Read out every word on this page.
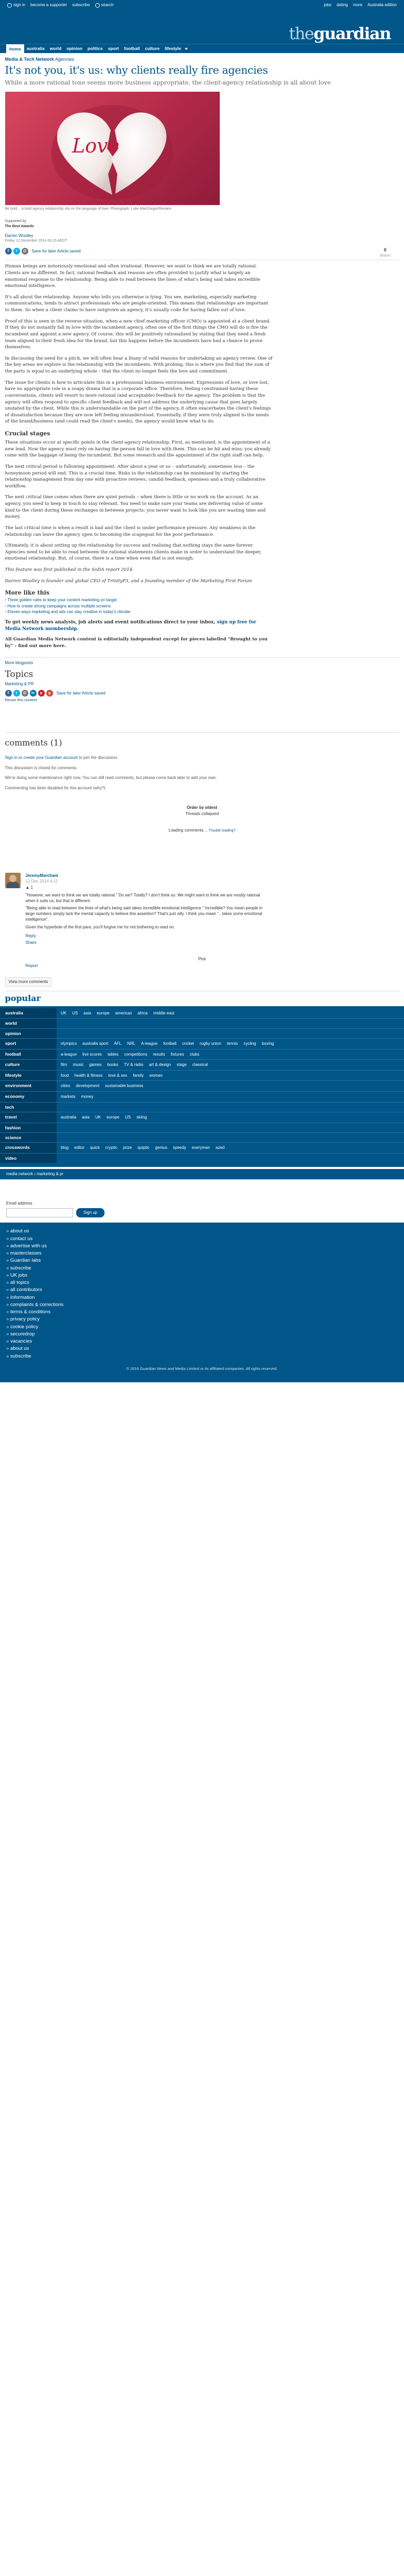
sign in become a supporter subscribe	search	jobs dating more Australia edition
theguardian
home	australia	world	opinion	politics	sport	football	culture	lifestyle
Media & Tech Network Agencies
It's not you, it's us: why clients really fire agencies

While a more rational tone seems more business appropriate, the client-agency relationship is all about love

Love
Be bold… A bold agency relationship sits on the language of love. Photograph: Luke MacGregor/Reuters
Supported by
The Best Awards
Darren Woolley
Friday 12 December 2014 03.15 AEDT
f	t	@	Save for later Article saved	0
Shares

Human beings are notoriously emotional and often irrational. However, we want to think we are totally rational. Clients are no different. In fact, rational feedback and reasons are often provided to justify what is largely an emotional response to the relationship. Being able to read between the lines of what's being said takes incredible emotional intelligence.

It's all about the relationship. Anyone who tells you otherwise is lying. You see, marketing, especially marketing communications, tends to attract professionals who are people-oriented. This means that relationships are important to them. So when a client claims to have outgrown an agency, it's usually code for having fallen out of love.

Proof of this is seen in the reverse situation, when a new chief marketing officer (CMO) is appointed at a client brand. If they do not instantly fall in love with the incumbent agency, often one of the first things the CMO will do is fire the incumbent and appoint a new agency. Of course, this will be positively rationalised by stating that they need a fresh team aligned to their fresh idea for the brand, but this happens before the incumbents have had a chance to prove themselves.

In discussing the need for a pitch, we will often hear a litany of valid reasons for undertaking an agency review. One of the key areas we explore is the relationship with the incumbents. With probing, this is where you find that the sum of the parts is equal to an underlying whole – that the client no longer feels the love and commitment.

The issue for clients is how to articulate this in a professional business environment. Expressions of love, or love lost, have no appropriate role in a soapy drama that is a corporate office. Therefore, feeling constrained having these conversations, clients will resort to more rational (and acceptable) feedback for the agency. The problem is that the agency will often respond to specific client feedback and will not address the underlying cause that goes largely unstated by the client. While this is understandable on the part of the agency, it often exacerbates the client's feelings of dissatisfaction because they are now left feeling misunderstood. Essentially, if they were truly aligned to the needs of the brand/business (and could read the client's needs), the agency would know what to do.

Crucial stages

These situations occur at specific points in the client-agency relationship. First, as mentioned, is the appointment of a new lead. Now the agency must rely on having the person fall in love with them. This can be hit and miss; you already come with the baggage of being the incumbent. But some research and the appointment of the right staff can help.

The next critical period is following appointment. After about a year or so – unfortunately, sometimes less – the honeymoon period will end. This is a crucial time. Risks to the relationship can be minimised by starting the relationship management from day one with proactive reviews, candid feedback, openness and a truly collaborative workflow.

The next critical time comes when there are quiet periods – when there is little or no work on the account. As an agency, you need to keep in touch to stay relevant. You need to make sure your teams are delivering value of some kind to the client during these exchanges in between projects; you never want to look like you are wasting time and money.

The last critical time is when a result is bad and the client is under performance pressure. Any weakness in the relationship can leave the agency open to becoming the scapegoat for the poor performance.

Ultimately, it is about setting up the relationship for success and realising that nothing stays the same forever. Agencies need to be able to read between the rational statements clients make in order to understand the deeper, emotional relationship. But, of course, there is a time when even that is not enough.

This feature was first published in the SoDA report 2014.

Darren Woolley is founder and global CEO of TrinityP3, and a founding member of the Marketing First Forum

More like this
• Three golden rules to keep your content marketing on target
• How to create strong campaigns across multiple screens
• Eleven ways marketing and ads can stay creative in today's climate
To get weekly news analysis, job alerts and event notifications direct to your inbox, sign up free for Media Network membership.
All Guardian Media Network content is editorially independent except for pieces labelled "Brought to you by" – find out more here.
More blogposts
Topics
Marketing & PR
f	t	@	in	p	g	Save for later Article saved
Reuse this content
comments (1)
Sign in or create your Guardian account to join the discussion.
This discussion is closed for comments.
We're doing some maintenance right now. You can still read comments, but please come back later to add your own.
Commenting has been disabled for this account (why?)
Order by oldest
Threads collapsed
Loading comments… Trouble loading?
JeremyMarchant
12 Dec 2014 8.11
▲ 1

"However, we want to think we are totally rational." Do we? Totally? I don't think so. We might want to think we are mostly rational when it suits us, but that is different.

"Being able to read between the lines of what's being said takes incredible emotional intelligence." Incredible? You mean people in large numbers simply lack the mental capacity to believe this assertion? That's just silly. I think you mean "...takes some emotional intelligence".

Given the hyperbole of the first para, you'll forgive me for not bothering to read on.

Reply
Share
Pick
Report
View more comments
popular
australia	UK US asia europe americas africa middle east
world
opinion
sport	olympics australia sport AFL NRL A-league football cricket rugby union tennis cycling boxing
football	a-league live scores tables competitions results fixtures clubs
culture	film music games books TV & radio art & design stage classical
lifestyle	food health & fitness love & sex family women
environment	cities development sustainable business
economy	markets money
tech
travel	australia asia UK europe US skiing
fashion
science
crosswords	blog editor quick cryptic prize quiptic genius speedy everyman azed
video
media network › marketing & pr
Email address
Sign up
» about us
» contact us
» advertise with us
» masterclasses
» Guardian labs
» subscribe
» UK jobs
» all topics
» all contributors
» Information
» complaints & corrections
» terms & conditions
» privacy policy
» cookie policy
» securedrop
» vacancies
» about us
» subscribe
© 2016 Guardian News and Media Limited or its affiliated companies. All rights reserved.
